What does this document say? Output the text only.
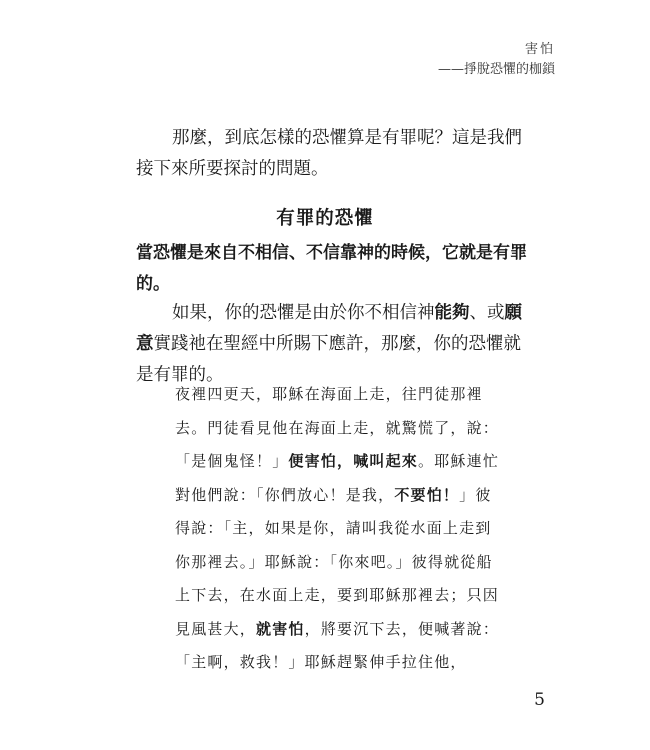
害怕
——掙脫恐懼的枷鎖

那麼，到底怎樣的恐懼算是有罪呢？這是我們接下來所要探討的問題。

有罪的恐懼

當恐懼是來自不相信、不信靠神的時候，它就是有罪的。

如果，你的恐懼是由於你不相信神能夠、或願意實踐祂在聖經中所賜下應許，那麼，你的恐懼就是有罪的。

夜裡四更天，耶穌在海面上走，往門徒那裡去。門徒看見他在海面上走，就驚慌了，說：「是個鬼怪！」便害怕，喊叫起來。耶穌連忙對他們說：「你們放心！是我，不要怕！」彼得說：「主，如果是你，請叫我從水面上走到你那裡去。」耶穌說：「你來吧。」彼得就從船上下去，在水面上走，要到耶穌那裡去；只因見風甚大，就害怕，將要沉下去，便喊著說：「主啊，救我！」耶穌趕緊伸手拉住他，

5
